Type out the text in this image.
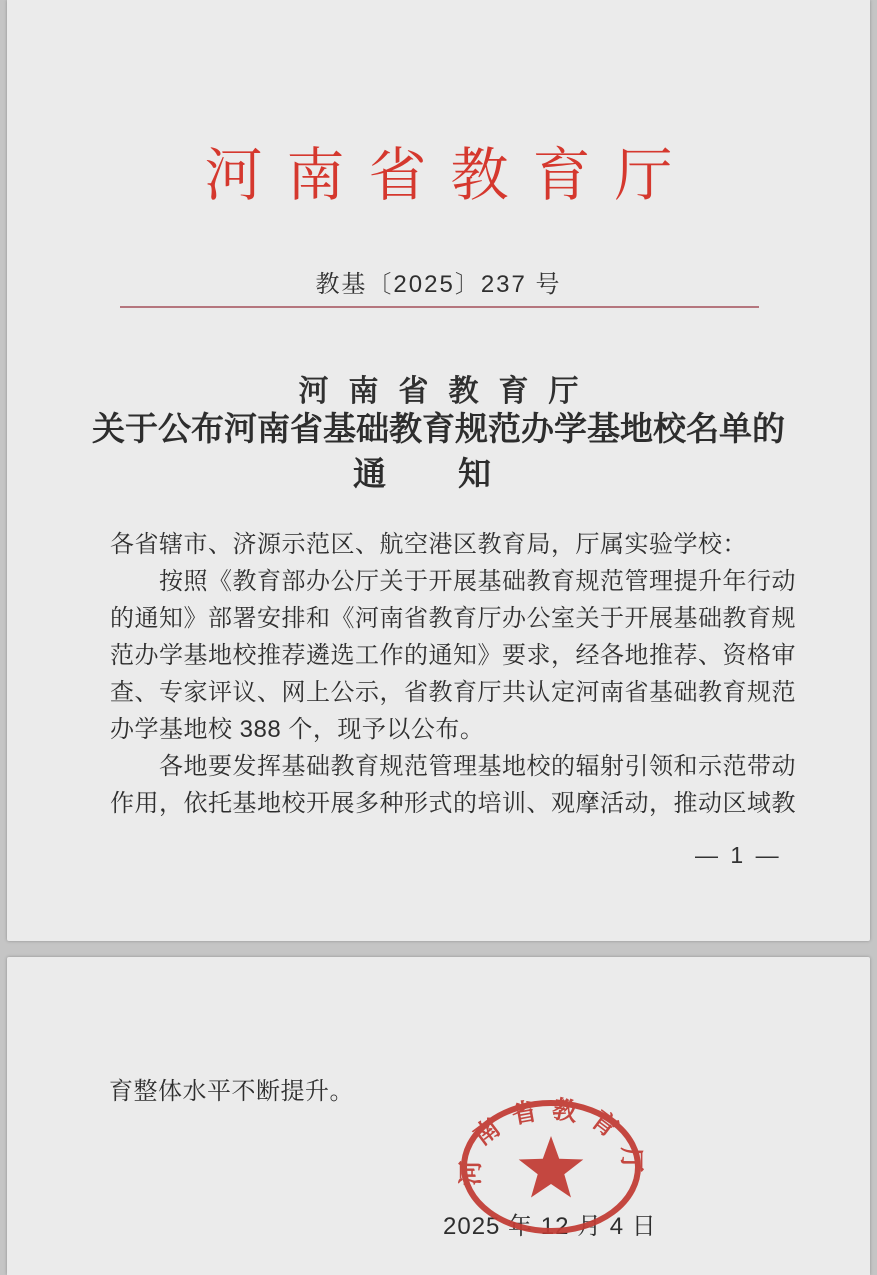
河南省教育厅
教基〔2025〕237 号
河南省教育厅
关于公布河南省基础教育规范办学基地校名单的
通知
各省辖市、济源示范区、航空港区教育局，厅属实验学校：
　　按照《教育部办公厅关于开展基础教育规范管理提升年行动
的通知》部署安排和《河南省教育厅办公室关于开展基础教育规
范办学基地校推荐遴选工作的通知》要求，经各地推荐、资格审
查、专家评议、网上公示，省教育厅共认定河南省基础教育规范
办学基地校 388 个，现予以公布。
　　各地要发挥基础教育规范管理基地校的辐射引领和示范带动
作用，依托基地校开展多种形式的培训、观摩活动，推动区域教
— 1 —
育整体水平不断提升。
河南省教育厅
2025 年 12 月 4 日
